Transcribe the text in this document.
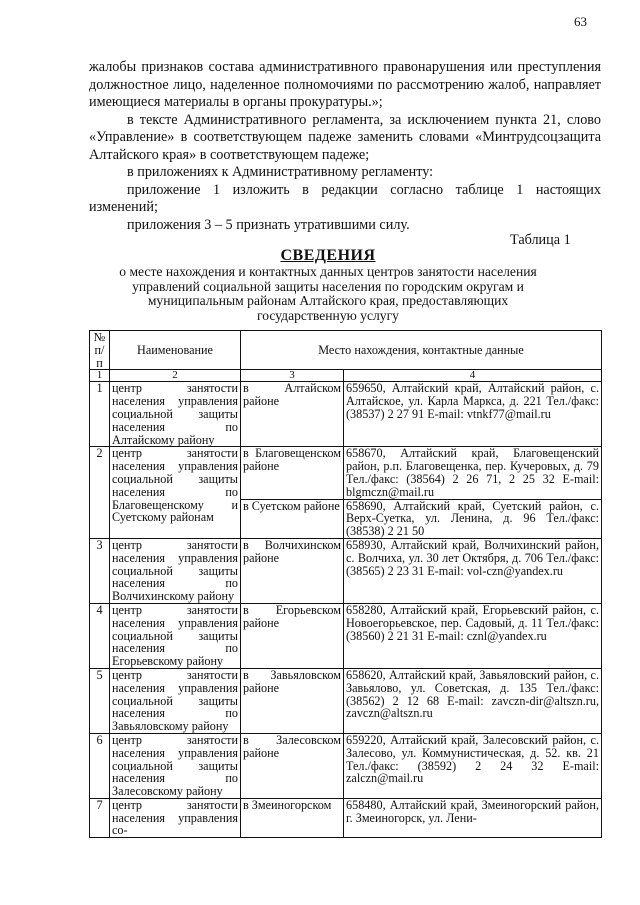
63

жалобы признаков состава административного правонарушения или преступления должностное лицо, наделенное полномочиями по рассмотрению жалоб, направляет имеющиеся материалы в органы прокуратуры.»;

в тексте Административного регламента, за исключением пункта 21, слово «Управление» в соответствующем падеже заменить словами «Минтрудсоцзащита Алтайского края» в соответствующем падеже;

в приложениях к Административному регламенту:

приложение 1 изложить в редакции согласно таблице 1 настоящих изменений;

приложения 3 – 5 признать утратившими силу.

Таблица 1
СВЕДЕНИЯ
о месте нахождения и контактных данных центров занятости населения управлений социальной защиты населения по городским округам и муниципальным районам Алтайского края, предоставляющих государственную услугу
№ п/п	Наименование	Место нахождения, контактные данные	
1	2	3	4
1	центр занятости населения управления социальной защиты населения по Алтайскому району	в Алтайском районе	659650, Алтайский край, Алтайский район, с. Алтайское, ул. Карла Маркса, д. 221 Тел./факс: (38537) 2 27 91 E-mail: vtnkf77@mail.ru
2	центр занятости населения управления социальной защиты населения по Благовещенскому и Суетскому районам	в Благовещенском районе	658670, Алтайский край, Благовещенский район, р.п. Благовещенка, пер. Кучеровых, д. 79 Тел./факс: (38564) 2 26 71, 2 25 32 E-mail: blgmczn@mail.ru
		в Суетском районе	658690, Алтайский край, Суетский район, с. Верх-Суетка, ул. Ленина, д. 96 Тел./факс: (38538) 2 21 50
3	центр занятости населения управления социальной защиты населения по Волчихинскому району	в Волчихинском районе	658930, Алтайский край, Волчихинский район, с. Волчиха, ул. 30 лет Октября, д. 706 Тел./факс: (38565) 2 23 31 E-mail: vol-czn@yandex.ru
4	центр занятости населения управления социальной защиты населения по Егорьевскому району	в Егорьевском районе	658280, Алтайский край, Егорьевский район, с. Новоегорьевское, пер. Садовый, д. 11 Тел./факс: (38560) 2 21 31 E-mail: cznl@yandex.ru
5	центр занятости населения управления социальной защиты населения по Завьяловскому району	в Завьяловском районе	658620, Алтайский край, Завьяловский район, с. Завьялово, ул. Советская, д. 135 Тел./факс: (38562) 2 12 68 E-mail: zavczn-dir@altszn.ru, zavczn@altszn.ru
6	центр занятости населения управления социальной защиты населения по Залесовскому району	в Залесовском районе	659220, Алтайский край, Залесовский район, с. Залесово, ул. Коммунистическая, д. 52. кв. 21 Тел./факс: (38592) 2 24 32 E-mail: zalczn@mail.ru
7	центр занятости населения управления со-	в Змеиногорском	658480, Алтайский край, Змеиногорский район, г. Змеиногорск, ул. Лени-
